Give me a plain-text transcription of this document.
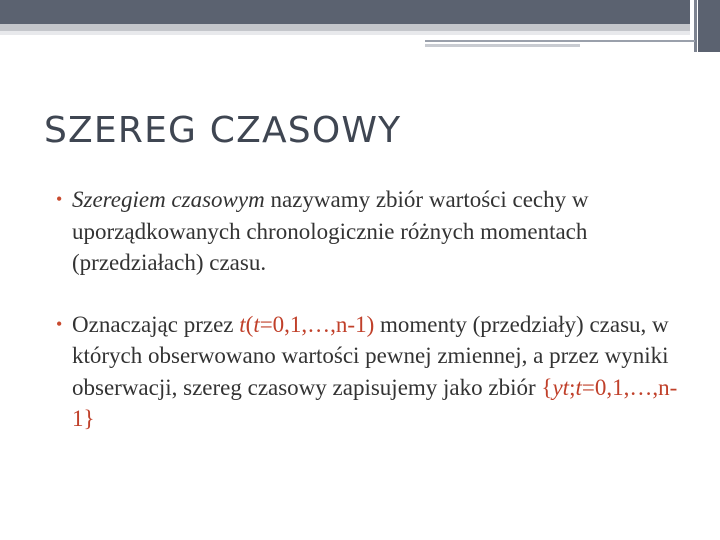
SZEREG CZASOWY
• Szeregiem czasowym nazywamy zbiór wartości cechy w uporządkowanych chronologicznie różnych momentach (przedziałach) czasu.
• Oznaczając przez t(t=0,1,…,n-1) momenty (przedziały) czasu, w których obserwowano wartości pewnej zmiennej, a przez wyniki obserwacji, szereg czasowy zapisujemy jako zbiór {yt;t=0,1,…,n-1}
